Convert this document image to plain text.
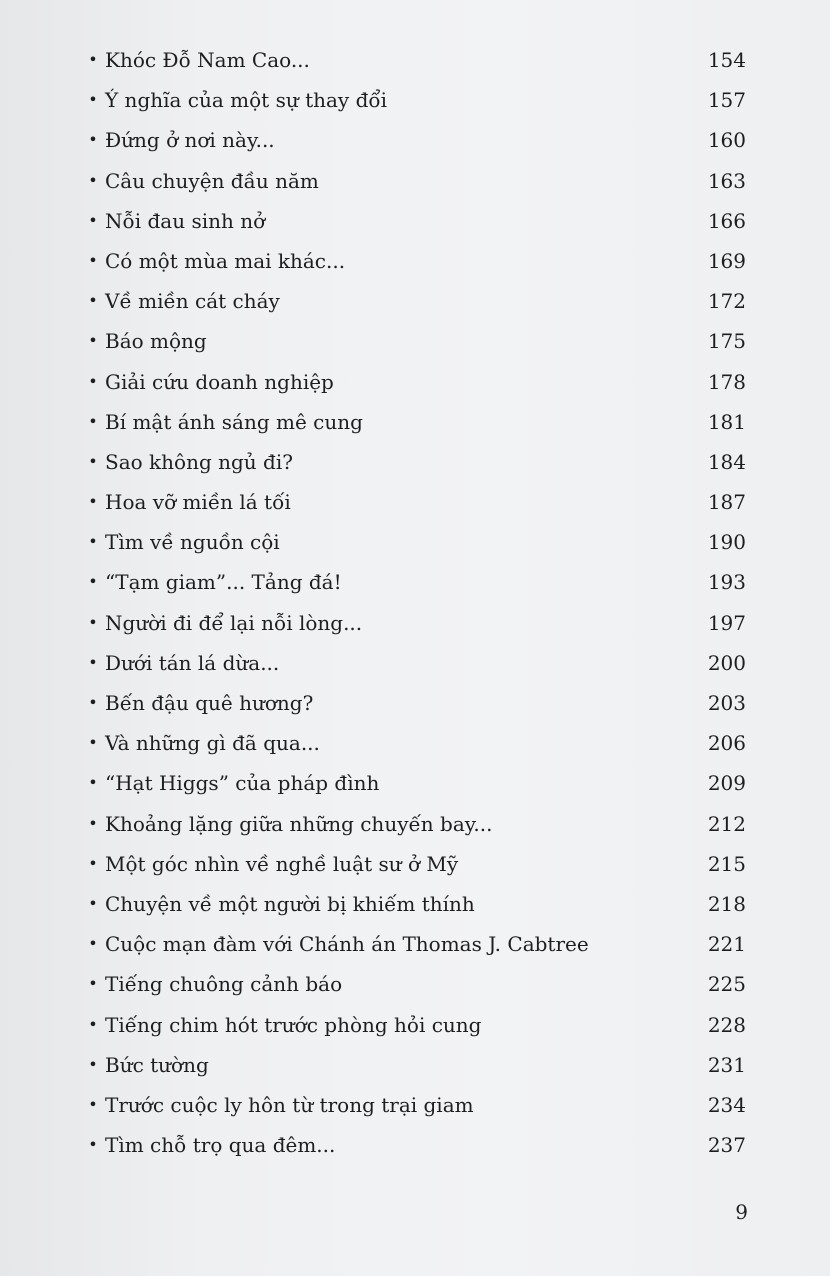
• Khóc Đỗ Nam Cao...	154
• Ý nghĩa của một sự thay đổi	157
• Đứng ở nơi này...	160
• Câu chuyện đầu năm	163
• Nỗi đau sinh nở	166
• Có một mùa mai khác...	169
• Về miền cát cháy	172
• Báo mộng	175
• Giải cứu doanh nghiệp	178
• Bí mật ánh sáng mê cung	181
• Sao không ngủ đi?	184
• Hoa vỡ miền lá tối	187
• Tìm về nguồn cội	190
• “Tạm giam”... Tảng đá!	193
• Người đi để lại nỗi lòng...	197
• Dưới tán lá dừa...	200
• Bến đậu quê hương?	203
• Và những gì đã qua...	206
• “Hạt Higgs” của pháp đình	209
• Khoảng lặng giữa những chuyến bay...	212
• Một góc nhìn về nghề luật sư ở Mỹ	215
• Chuyện về một người bị khiếm thính	218
• Cuộc mạn đàm với Chánh án Thomas J. Cabtree	221
• Tiếng chuông cảnh báo	225
• Tiếng chim hót trước phòng hỏi cung	228
• Bức tường	231
• Trước cuộc ly hôn từ trong trại giam	234
• Tìm chỗ trọ qua đêm...	237
9
